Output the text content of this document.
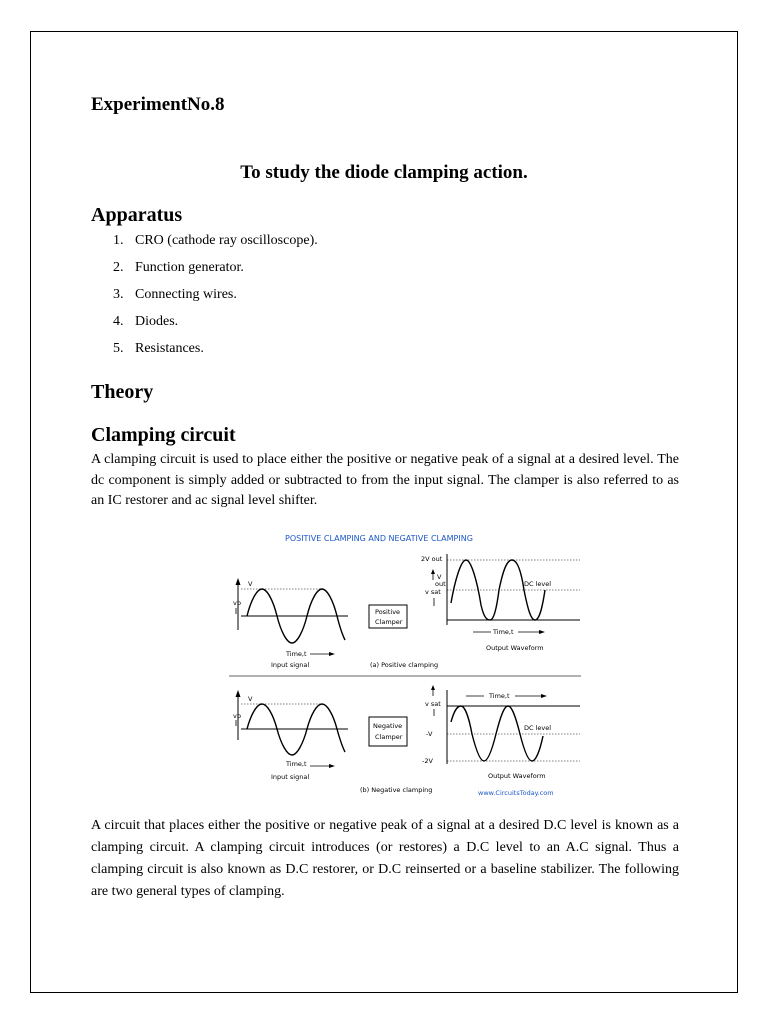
ExperimentNo.8
To study the diode clamping action.
Apparatus
1. CRO (cathode ray oscilloscope).
2. Function generator.
3. Connecting wires.
4. Diodes.
5. Resistances.
Theory
Clamping circuit

A clamping circuit is used to place either the positive or negative peak of a signal at a desired level. The dc component is simply added or subtracted to from the input signal. The clamper is also referred to as an IC restorer and ac signal level shifter.

POSITIVE CLAMPING AND NEGATIVE CLAMPING
V
vb
Time,t
Input signal
Positive
Clamper
(a) Positive clamping
2V out
V
out
v sat
DC level
Time,t
Output Waveform
V
vb
Time,t
Input signal
Negative
Clamper
(b) Negative clamping
v sat
-V
-2V
DC level
Time,t
Output Waveform
www.CircuitsToday.com

A circuit that places either the positive or negative peak of a signal at a desired D.C level is known as a clamping circuit. A clamping circuit introduces (or restores) a D.C level to an A.C signal. Thus a clamping circuit is also known as D.C restorer, or D.C reinserted or a baseline stabilizer. The following are two general types of clamping.
